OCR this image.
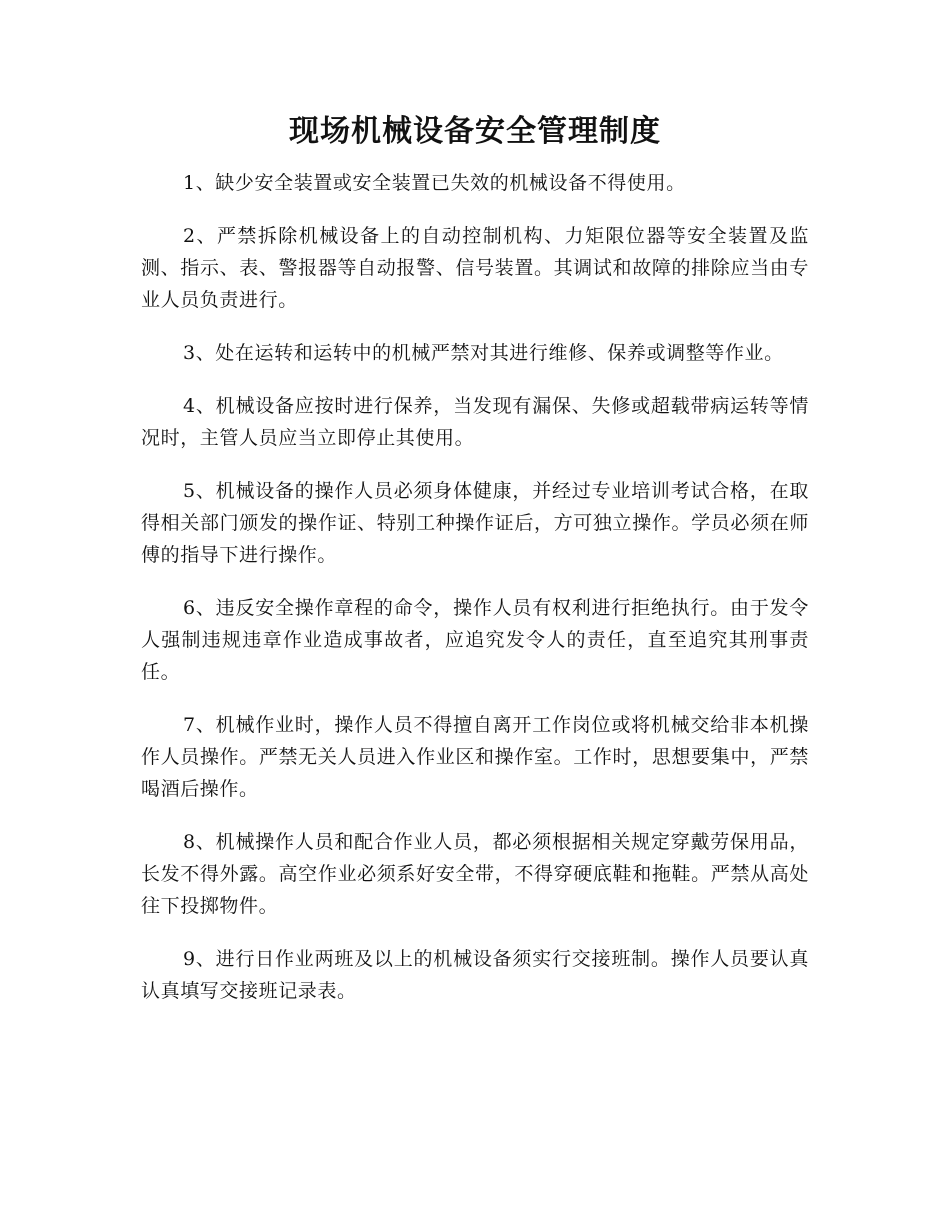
现场机械设备安全管理制度

1、缺少安全装置或安全装置已失效的机械设备不得使用。

2、严禁拆除机械设备上的自动控制机构、力矩限位器等安全装置及监测、指示、表、警报器等自动报警、信号装置。其调试和故障的排除应当由专业人员负责进行。

3、处在运转和运转中的机械严禁对其进行维修、保养或调整等作业。

4、机械设备应按时进行保养，当发现有漏保、失修或超载带病运转等情况时，主管人员应当立即停止其使用。

5、机械设备的操作人员必须身体健康，并经过专业培训考试合格，在取得相关部门颁发的操作证、特别工种操作证后，方可独立操作。学员必须在师傅的指导下进行操作。

6、违反安全操作章程的命令，操作人员有权利进行拒绝执行。由于发令人强制违规违章作业造成事故者，应追究发令人的责任，直至追究其刑事责任。

7、机械作业时，操作人员不得擅自离开工作岗位或将机械交给非本机操作人员操作。严禁无关人员进入作业区和操作室。工作时，思想要集中，严禁喝酒后操作。

8、机械操作人员和配合作业人员，都必须根据相关规定穿戴劳保用品，长发不得外露。高空作业必须系好安全带，不得穿硬底鞋和拖鞋。严禁从高处往下投掷物件。

9、进行日作业两班及以上的机械设备须实行交接班制。操作人员要认真认真填写交接班记录表。
